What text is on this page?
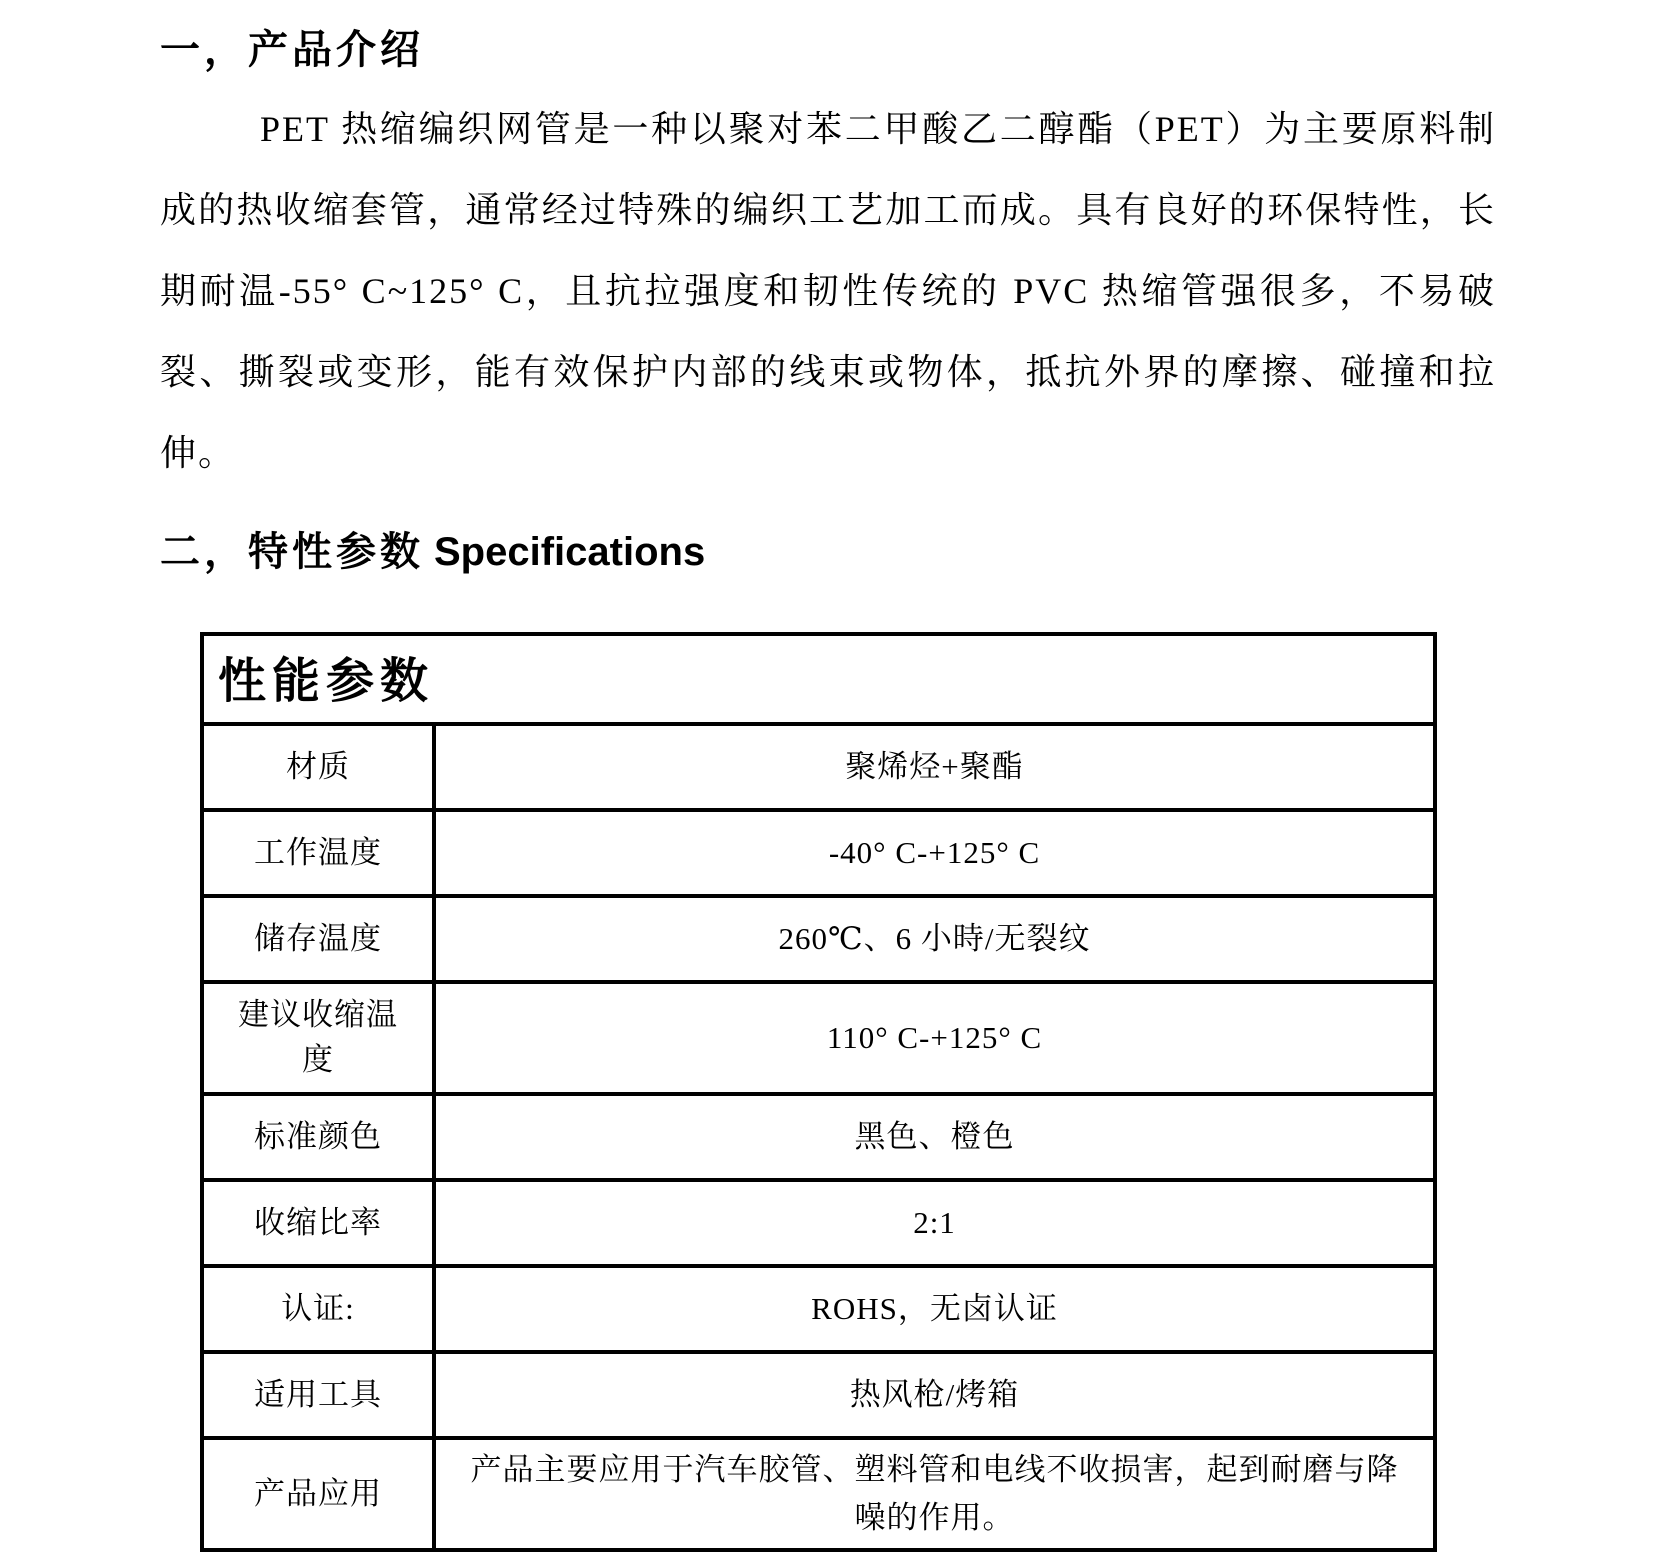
一，产品介绍

PET 热缩编织网管是一种以聚对苯二甲酸乙二醇酯（PET）为主要原料制成的热收缩套管，通常经过特殊的编织工艺加工而成。具有良好的环保特性，长期耐温-55° C~125° C，且抗拉强度和韧性传统的 PVC 热缩管强很多，不易破裂、撕裂或变形，能有效保护内部的线束或物体，抵抗外界的摩擦、碰撞和拉伸。

二，特性参数 Specifications
性能参数	
材质	聚烯烃+聚酯
工作温度	-40° C-+125° C
储存温度	260℃、6 小時/无裂纹
建议收缩温度	110° C-+125° C
标准颜色	黑色、橙色
收缩比率	2:1
认证:	ROHS，无卤认证
适用工具	热风枪/烤箱
产品应用	产品主要应用于汽车胶管、塑料管和电线不收损害，起到耐磨与降噪的作用。
